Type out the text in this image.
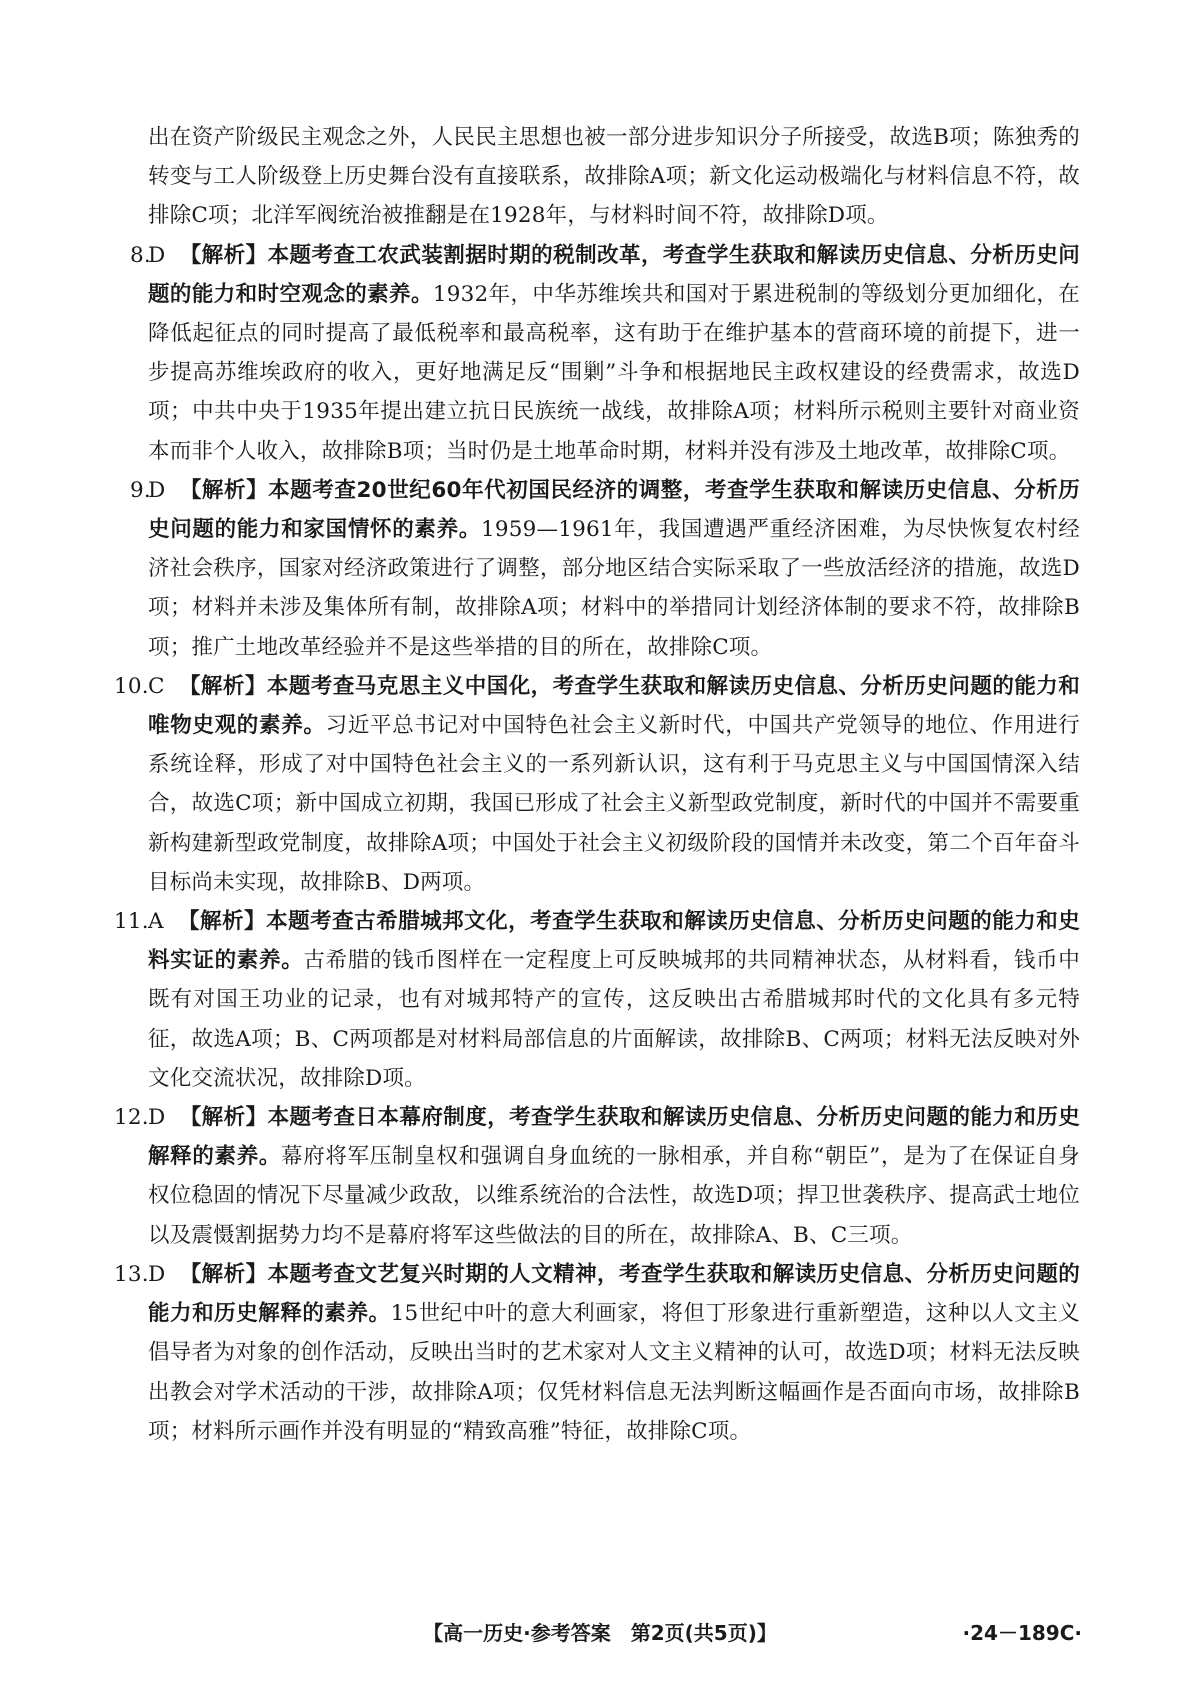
出在资产阶级民主观念之外，人民民主思想也被一部分进步知识分子所接受，故选B项；陈独秀的转变与工人阶级登上历史舞台没有直接联系，故排除A项；新文化运动极端化与材料信息不符，故排除C项；北洋军阀统治被推翻是在1928年，与材料时间不符，故排除D项。

8.
D 【解析】本题考查工农武装割据时期的税制改革，考查学生获取和解读历史信息、分析历史问题的能力和时空观念的素养。1932年，中华苏维埃共和国对于累进税制的等级划分更加细化，在降低起征点的同时提高了最低税率和最高税率，这有助于在维护基本的营商环境的前提下，进一步提高苏维埃政府的收入，更好地满足反“围剿”斗争和根据地民主政权建设的经费需求，故选D项；中共中央于1935年提出建立抗日民族统一战线，故排除A项；材料所示税则主要针对商业资本而非个人收入，故排除B项；当时仍是土地革命时期，材料并没有涉及土地改革，故排除C项。
9.
D 【解析】本题考查20世纪60年代初国民经济的调整，考查学生获取和解读历史信息、分析历史问题的能力和家国情怀的素养。1959—1961年，我国遭遇严重经济困难，为尽快恢复农村经济社会秩序，国家对经济政策进行了调整，部分地区结合实际采取了一些放活经济的措施，故选D项；材料并未涉及集体所有制，故排除A项；材料中的举措同计划经济体制的要求不符，故排除B项；推广土地改革经验并不是这些举措的目的所在，故排除C项。
10. C 【解析】本题考查马克思主义中国化，考查学生获取和解读历史信息、分析历史问题的能力和唯物史观的素养。习近平总书记对中国特色社会主义新时代，中国共产党领导的地位、作用进行系统诠释，形成了对中国特色社会主义的一系列新认识，这有利于马克思主义与中国国情深入结合，故选C项；新中国成立初期，我国已形成了社会主义新型政党制度，新时代的中国并不需要重新构建新型政党制度，故排除A项；中国处于社会主义初级阶段的国情并未改变，第二个百年奋斗目标尚未实现，故排除B、D两项。
11. A 【解析】本题考查古希腊城邦文化，考查学生获取和解读历史信息、分析历史问题的能力和史料实证的素养。古希腊的钱币图样在一定程度上可反映城邦的共同精神状态，从材料看，钱币中既有对国王功业的记录，也有对城邦特产的宣传，这反映出古希腊城邦时代的文化具有多元特征，故选A项；B、C两项都是对材料局部信息的片面解读，故排除B、C两项；材料无法反映对外文化交流状况，故排除D项。
12. D 【解析】本题考查日本幕府制度，考查学生获取和解读历史信息、分析历史问题的能力和历史解释的素养。幕府将军压制皇权和强调自身血统的一脉相承，并自称“朝臣”，是为了在保证自身权位稳固的情况下尽量减少政敌，以维系统治的合法性，故选D项；捍卫世袭秩序、提高武士地位以及震慑割据势力均不是幕府将军这些做法的目的所在，故排除A、B、C三项。
13. D 【解析】本题考查文艺复兴时期的人文精神，考查学生获取和解读历史信息、分析历史问题的能力和历史解释的素养。15世纪中叶的意大利画家，将但丁形象进行重新塑造，这种以人文主义倡导者为对象的创作活动，反映出当时的艺术家对人文主义精神的认可，故选D项；材料无法反映出教会对学术活动的干涉，故排除A项；仅凭材料信息无法判断这幅画作是否面向市场，故排除B项；材料所示画作并没有明显的“精致高雅”特征，故排除C项。
【高一历史·参考答案　第2页(共5页)】	·24－189C·
